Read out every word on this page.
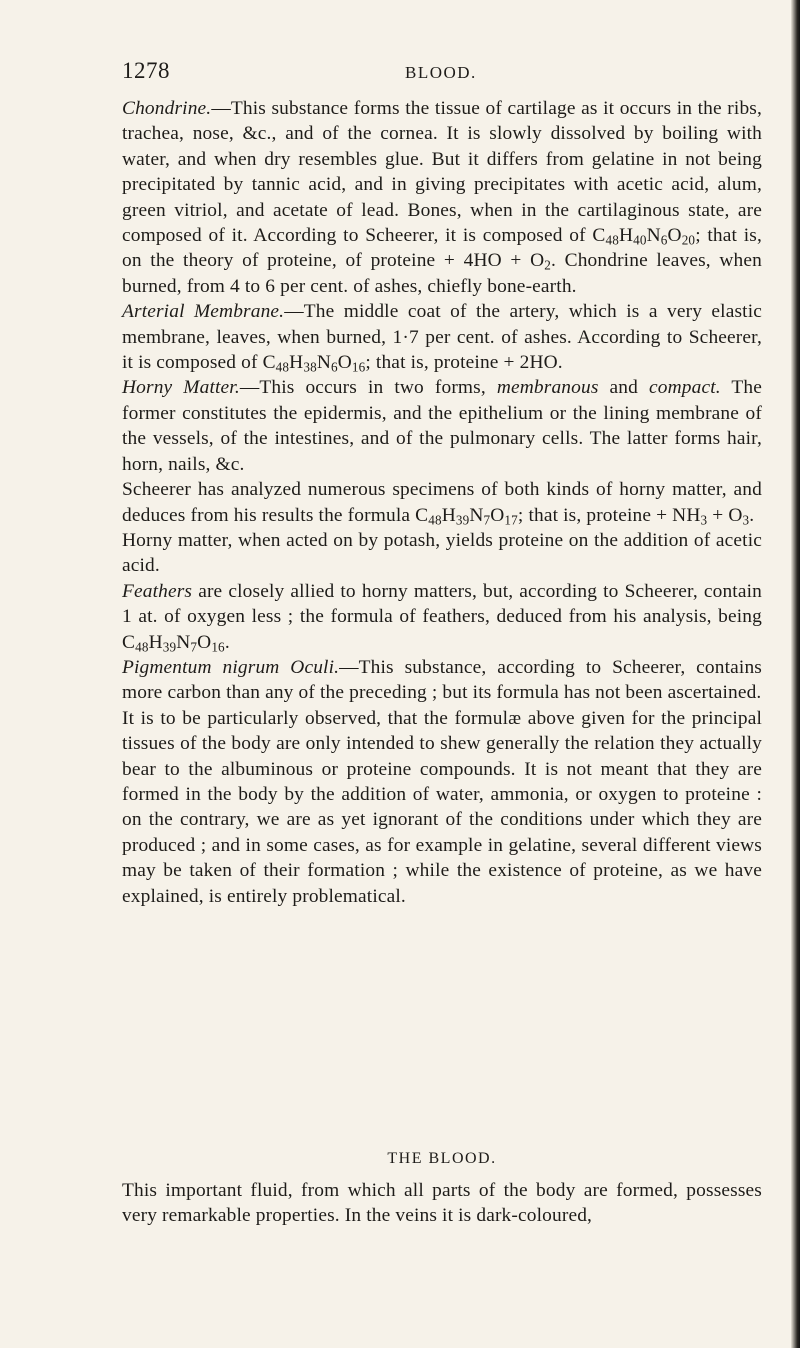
1278	BLOOD.

Chondrine.—This substance forms the tissue of cartilage as it occurs in the ribs, trachea, nose, &c., and of the cornea. It is slowly dissolved by boiling with water, and when dry resembles glue. But it differs from gelatine in not being precipitated by tannic acid, and in giving precipitates with acetic acid, alum, green vitriol, and acetate of lead. Bones, when in the cartilaginous state, are composed of it. According to Scheerer, it is composed of $C_{48}H_{40}N_6O_{20}$; that is, on the theory of proteine, of proteine + $4HO + O_2$. Chondrine leaves, when burned, from 4 to 6 per cent. of ashes, chiefly bone-earth.

Arterial Membrane.—The middle coat of the artery, which is a very elastic membrane, leaves, when burned, 1·7 per cent. of ashes. According to Scheerer, it is composed of $C_{48}H_{38}N_6O_{16}$; that is, proteine + 2HO.

Horny Matter.—This occurs in two forms, membranous and compact. The former constitutes the epidermis, and the epithelium or the lining membrane of the vessels, of the intestines, and of the pulmonary cells. The latter forms hair, horn, nails, &c.

Scheerer has analyzed numerous specimens of both kinds of horny matter, and deduces from his results the formula $C_{48}H_{39}N_7O_{17}$; that is, proteine + $NH_3 + O_3$.

Horny matter, when acted on by potash, yields proteine on the addition of acetic acid.

Feathers are closely allied to horny matters, but, according to Scheerer, contain 1 at. of oxygen less ; the formula of feathers, deduced from his analysis, being $C_{48}H_{39}N_7O_{16}$.

Pigmentum nigrum Oculi.—This substance, according to Scheerer, contains more carbon than any of the preceding ; but its formula has not been ascertained.

It is to be particularly observed, that the formulæ above given for the principal tissues of the body are only intended to shew generally the relation they actually bear to the albuminous or proteine compounds. It is not meant that they are formed in the body by the addition of water, ammonia, or oxygen to proteine : on the contrary, we are as yet ignorant of the conditions under which they are produced ; and in some cases, as for example in gelatine, several different views may be taken of their formation ; while the existence of proteine, as we have explained, is entirely problematical.

THE BLOOD.
This important fluid, from which all parts of the body are formed, possesses very remarkable properties. In the veins it is dark-coloured,
